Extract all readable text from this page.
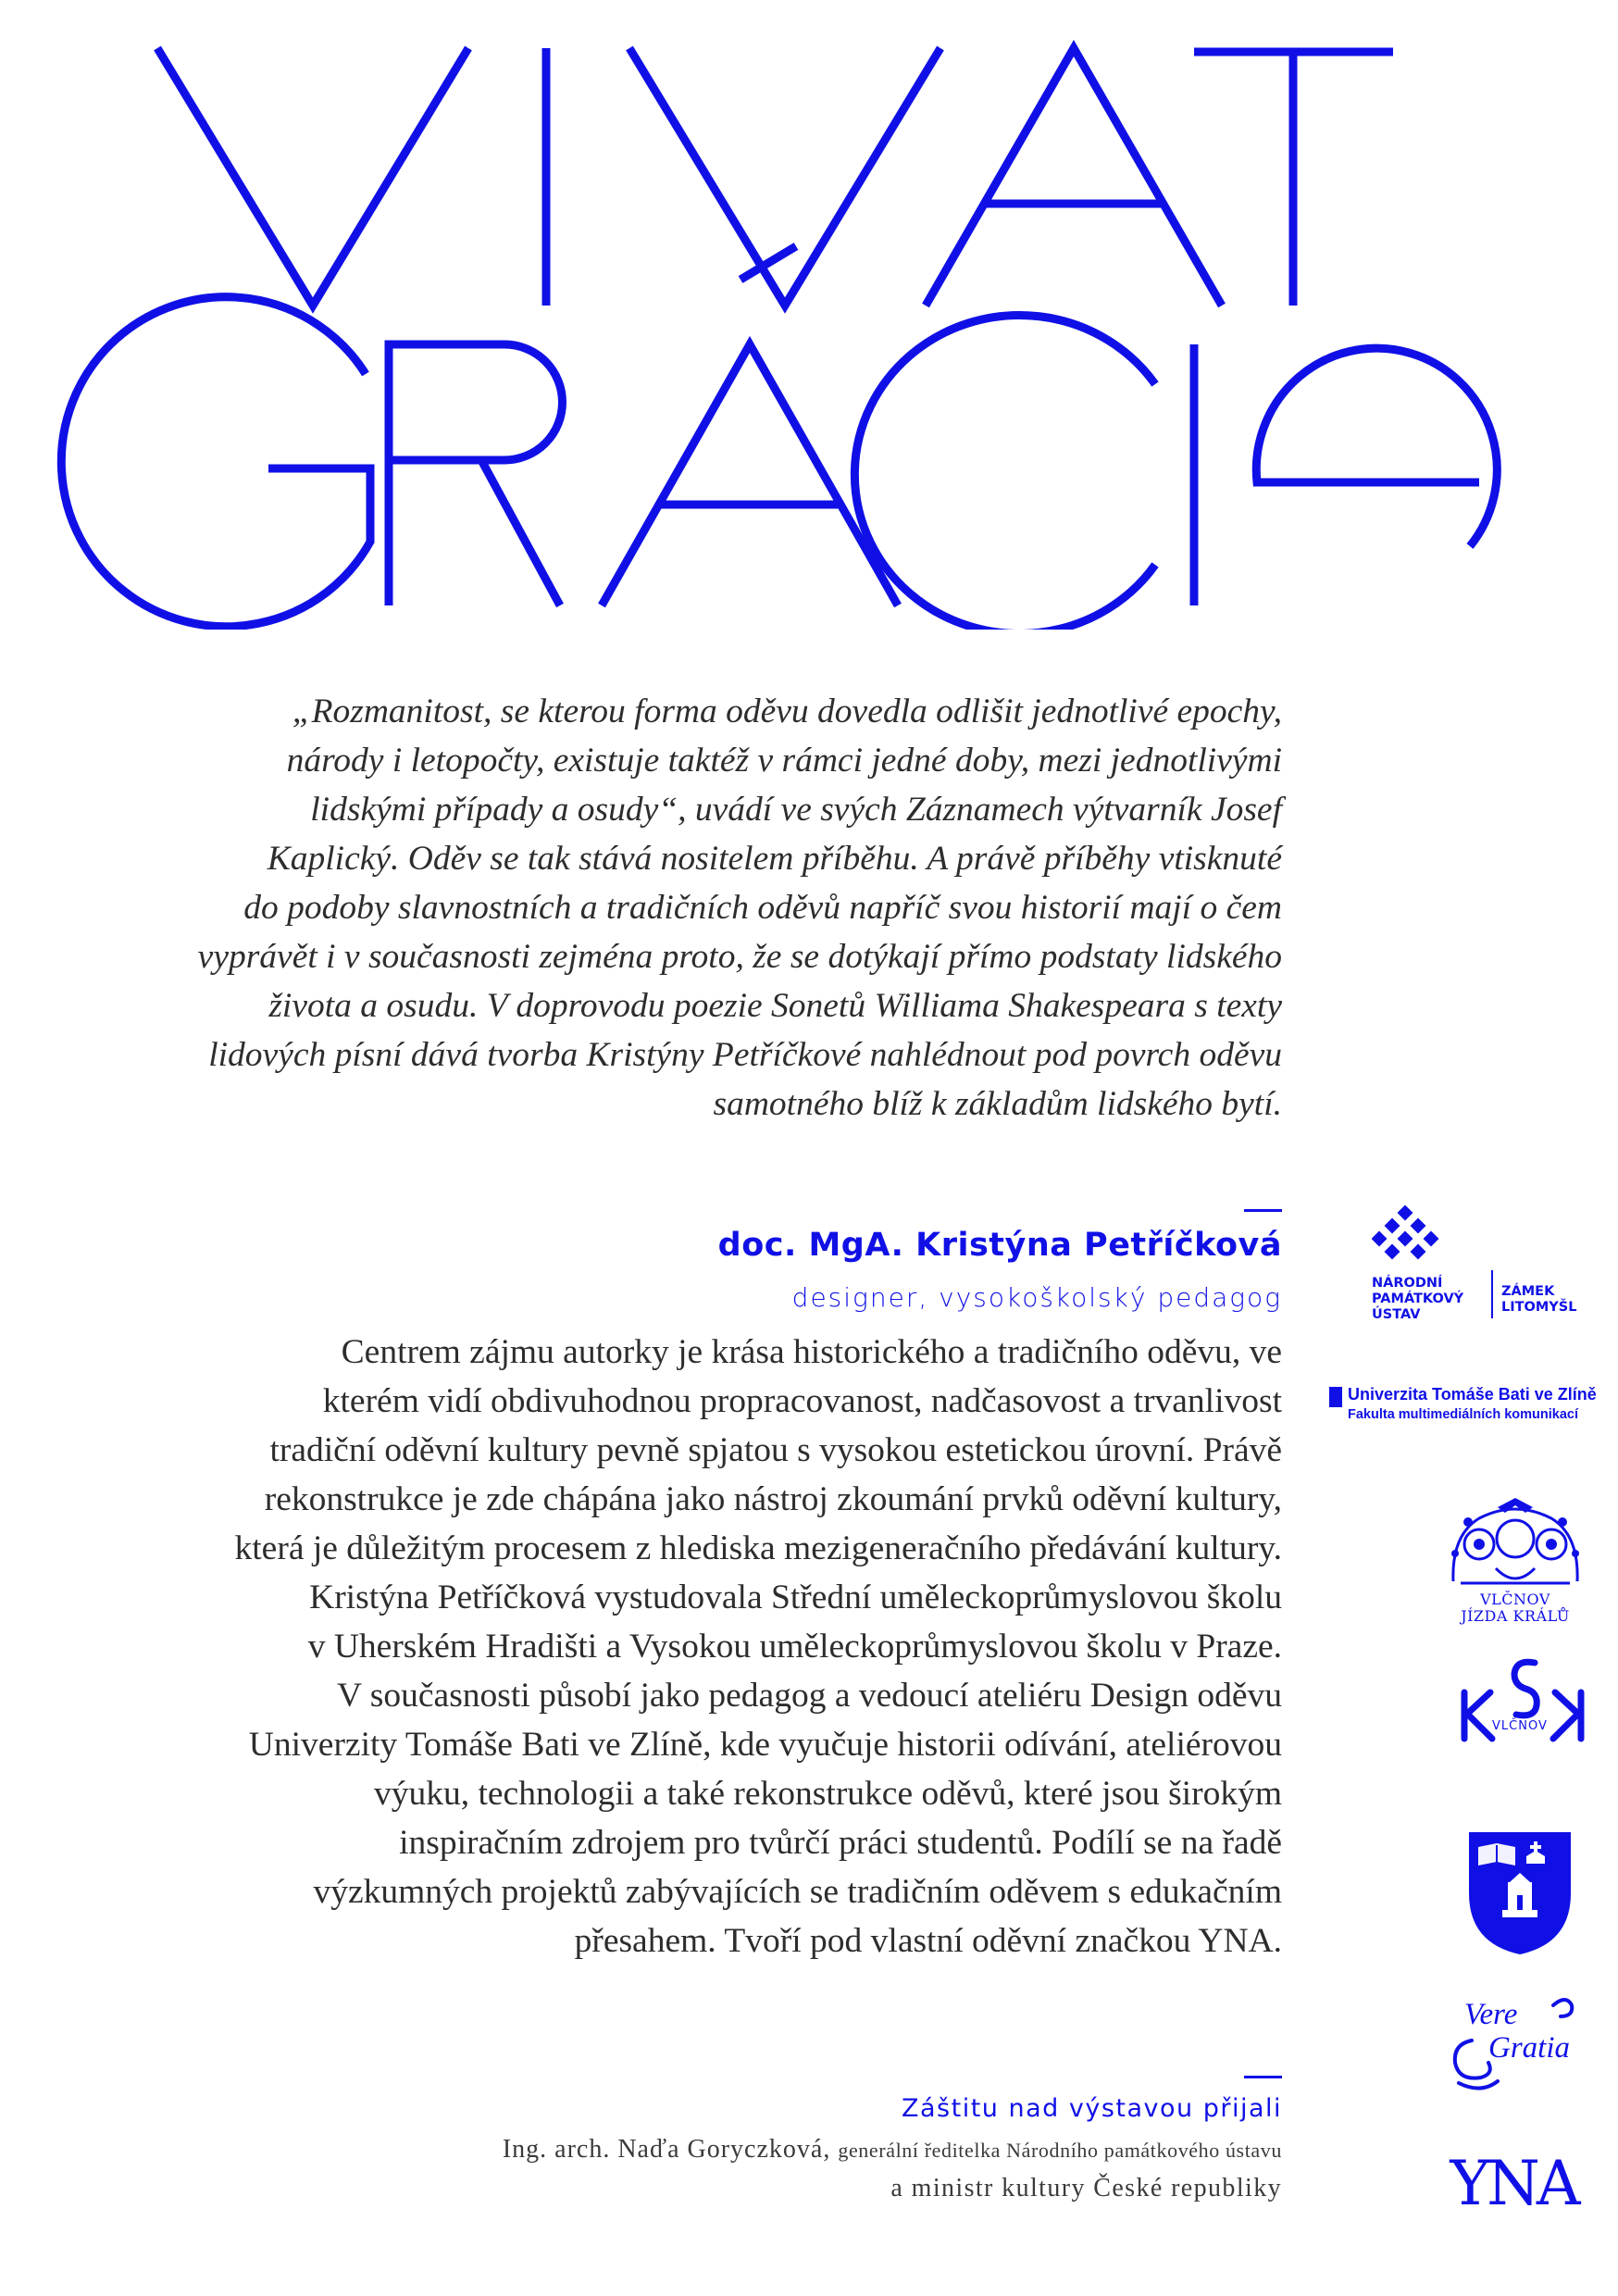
„Rozmanitost, se kterou forma oděvu dovedla odlišit jednotlivé epochy,
národy i letopočty, existuje taktéž v rámci jedné doby, mezi jednotlivými
lidskými případy a osudy“, uvádí ve svých Záznamech výtvarník Josef
Kaplický. Oděv se tak stává nositelem příběhu. A právě příběhy vtisknuté
do podoby slavnostních a tradičních oděvů napříč svou historií mají o čem
vyprávět i v současnosti zejména proto, že se dotýkají přímo podstaty lidského
života a osudu. V doprovodu poezie Sonetů Williama Shakespeara s texty
lidových písní dává tvorba Kristýny Petříčkové nahlédnout pod povrch oděvu
samotného blíž k základům lidského bytí.
doc. MgA. Kristýna Petříčková
designer, vysokoškolský pedagog
Centrem zájmu autorky je krása historického a tradičního oděvu, ve
kterém vidí obdivuhodnou propracovanost, nadčasovost a trvanlivost
tradiční oděvní kultury pevně spjatou s vysokou estetickou úrovní. Právě
rekonstrukce je zde chápána jako nástroj zkoumání prvků oděvní kultury,
která je důležitým procesem z hlediska mezigeneračního předávání kultury.
Kristýna Petříčková vystudovala Střední uměleckoprůmyslovou školu
v Uherském Hradišti a Vysokou uměleckoprůmyslovou školu v Praze.
V současnosti působí jako pedagog a vedoucí ateliéru Design oděvu
Univerzity Tomáše Bati ve Zlíně, kde vyučuje historii odívání, ateliérovou
výuku, technologii a také rekonstrukce oděvů, které jsou širokým
inspiračním zdrojem pro tvůrčí práci studentů. Podílí se na řadě
výzkumných projektů zabývajících se tradičním oděvem s edukačním
přesahem. Tvoří pod vlastní oděvní značkou YNA.
Záštitu nad výstavou přijali
Ing. arch. Naďa Goryczková, generální ředitelka Národního památkového ústavu
a ministr kultury České republiky
NÁRODNÍ
PAMÁTKOVÝ
ÚSTAV
ZÁMEK
LITOMYŠL
Univerzita Tomáše Bati ve Zlíně
Fakulta multimediálních komunikací
VLČNOV
JÍZDA KRÁLŮ
VLČNOV
Vere
Gratia
YNA
